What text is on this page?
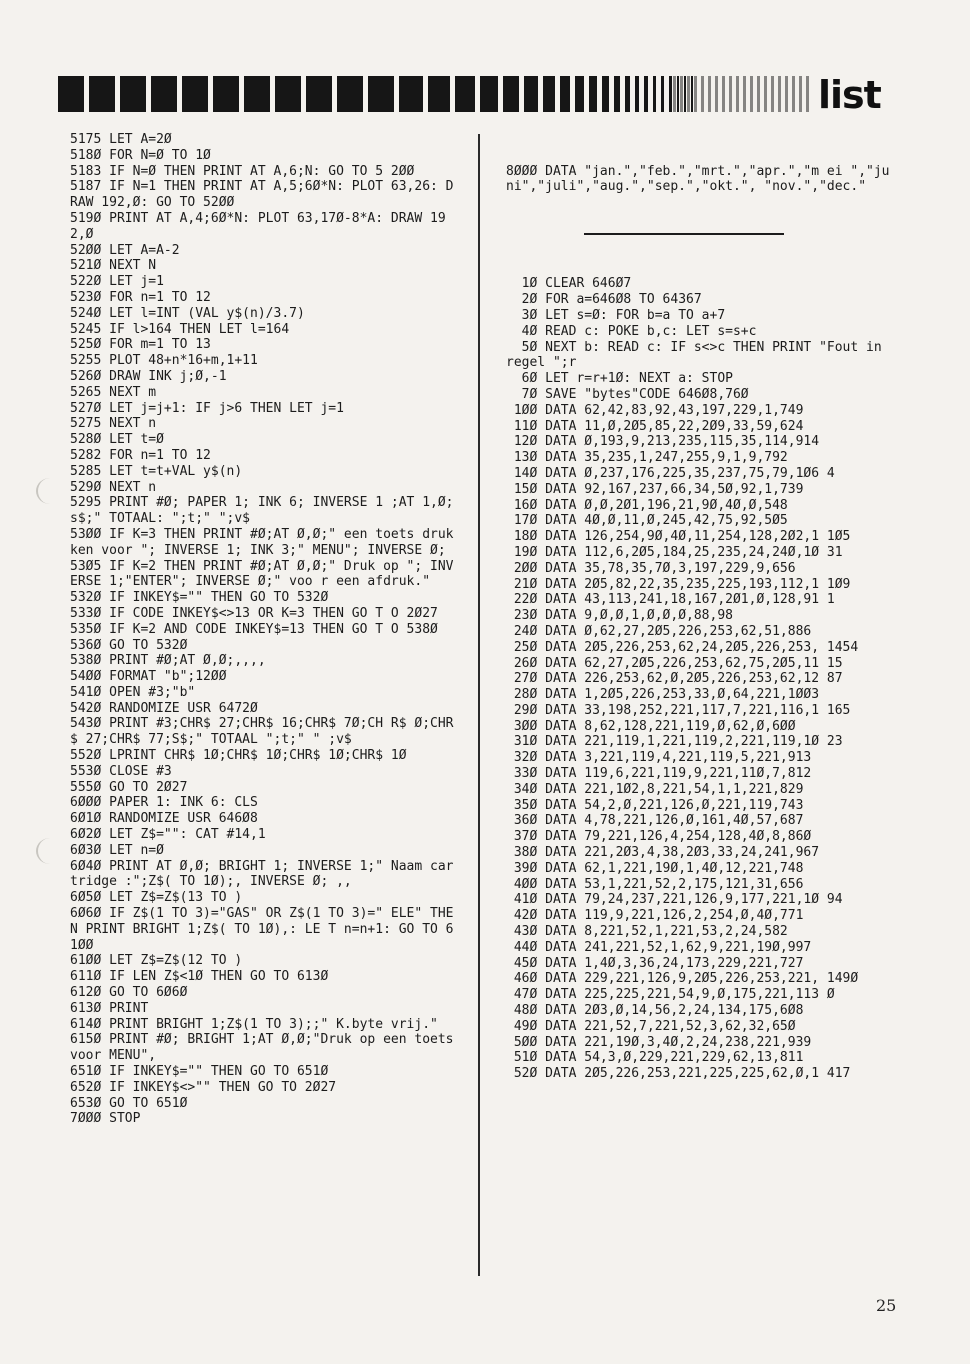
list
5175 LET A=2Ø
518Ø FOR N=Ø TO 1Ø
5183 IF N=Ø THEN PRINT AT A,6;N: GO TO 5 2ØØ
5187 IF N=1 THEN PRINT AT A,5;6Ø*N: PLOT 63,26: DRAW 192,Ø: GO TO 52ØØ
519Ø PRINT AT A,4;6Ø*N: PLOT 63,17Ø-8*A: DRAW 192,Ø
52ØØ LET A=A-2
521Ø NEXT N
522Ø LET j=1
523Ø FOR n=1 TO 12
524Ø LET l=INT (VAL y$(n)/3.7)
5245 IF l>164 THEN LET l=164
525Ø FOR m=1 TO 13
5255 PLOT 48+n*16+m,1+11
526Ø DRAW INK j;Ø,-1
5265 NEXT m
527Ø LET j=j+1: IF j>6 THEN LET j=1
5275 NEXT n
528Ø LET t=Ø
5282 FOR n=1 TO 12
5285 LET t=t+VAL y$(n)
529Ø NEXT n
5295 PRINT #Ø; PAPER 1; INK 6; INVERSE 1 ;AT 1,Ø;s$;" TOTAAL: ";t;" ";v$
53ØØ IF K=3 THEN PRINT #Ø;AT Ø,Ø;" een toets drukken voor "; INVERSE 1; INK 3;" MENU"; INVERSE Ø;
53Ø5 IF K=2 THEN PRINT #Ø;AT Ø,Ø;" Druk op "; INVERSE 1;"ENTER"; INVERSE Ø;" voo r een afdruk."
532Ø IF INKEY$="" THEN GO TO 532Ø
533Ø IF CODE INKEY$<>13 OR K=3 THEN GO T O 2Ø27
535Ø IF K=2 AND CODE INKEY$=13 THEN GO T O 538Ø
536Ø GO TO 532Ø
538Ø PRINT #Ø;AT Ø,Ø;,,,,
54ØØ FORMAT "b";12ØØ
541Ø OPEN #3;"b"
542Ø RANDOMIZE USR 6472Ø
543Ø PRINT #3;CHR$ 27;CHR$ 16;CHR$ 7Ø;CH R$ Ø;CHR$ 27;CHR$ 77;S$;" TOTAAL ";t;" " ;v$
552Ø LPRINT CHR$ 1Ø;CHR$ 1Ø;CHR$ 1Ø;CHR$ 1Ø
553Ø CLOSE #3
555Ø GO TO 2Ø27
6ØØØ PAPER 1: INK 6: CLS
6Ø1Ø RANDOMIZE USR 646Ø8
6Ø2Ø LET Z$="": CAT #14,1
6Ø3Ø LET n=Ø
6Ø4Ø PRINT AT Ø,Ø; BRIGHT 1; INVERSE 1;" Naam cartridge :";Z$( TO 1Ø);, INVERSE Ø; ,,
6Ø5Ø LET Z$=Z$(13 TO )
6Ø6Ø IF Z$(1 TO 3)="GAS" OR Z$(1 TO 3)=" ELE" THEN PRINT BRIGHT 1;Z$( TO 1Ø),: LE T n=n+1: GO TO 61ØØ
61ØØ LET Z$=Z$(12 TO )
611Ø IF LEN Z$<1Ø THEN GO TO 613Ø
612Ø GO TO 6Ø6Ø
613Ø PRINT
614Ø PRINT BRIGHT 1;Z$(1 TO 3);;" K.byte vrij."
615Ø PRINT #Ø; BRIGHT 1;AT Ø,Ø;"Druk op een toets voor MENU",
651Ø IF INKEY$="" THEN GO TO 651Ø
652Ø IF INKEY$<>"" THEN GO TO 2Ø27
653Ø GO TO 651Ø
7ØØØ STOP

8ØØØ DATA "jan.","feb.","mrt.","apr.","m ei ","juni","juli","aug.","sep.","okt.", "nov.","dec."

1Ø CLEAR 646Ø7
2Ø FOR a=646Ø8 TO 64367
3Ø LET s=Ø: FOR b=a TO a+7
4Ø READ c: POKE b,c: LET s=s+c
5Ø NEXT b: READ c: IF s<>c THEN PRINT "Fout in regel ";r
6Ø LET r=r+1Ø: NEXT a: STOP
7Ø SAVE "bytes"CODE 646Ø8,76Ø
1ØØ DATA 62,42,83,92,43,197,229,1,749
11Ø DATA 11,Ø,2Ø5,85,22,2Ø9,33,59,624
12Ø DATA Ø,193,9,213,235,115,35,114,914
13Ø DATA 35,235,1,247,255,9,1,9,792
14Ø DATA Ø,237,176,225,35,237,75,79,1Ø6 4
15Ø DATA 92,167,237,66,34,5Ø,92,1,739
16Ø DATA Ø,Ø,2Ø1,196,21,9Ø,4Ø,Ø,548
17Ø DATA 4Ø,Ø,11,Ø,245,42,75,92,5Ø5
18Ø DATA 126,254,9Ø,4Ø,11,254,128,2Ø2,1 1Ø5
19Ø DATA 112,6,2Ø5,184,25,235,24,24Ø,1Ø 31
2ØØ DATA 35,78,35,7Ø,3,197,229,9,656
21Ø DATA 2Ø5,82,22,35,235,225,193,112,1 1Ø9
22Ø DATA 43,113,241,18,167,2Ø1,Ø,128,91 1
23Ø DATA 9,Ø,Ø,1,Ø,Ø,Ø,88,98
24Ø DATA Ø,62,27,2Ø5,226,253,62,51,886
25Ø DATA 2Ø5,226,253,62,24,2Ø5,226,253, 1454
26Ø DATA 62,27,2Ø5,226,253,62,75,2Ø5,11 15
27Ø DATA 226,253,62,Ø,2Ø5,226,253,62,12 87
28Ø DATA 1,2Ø5,226,253,33,Ø,64,221,1ØØ3
29Ø DATA 33,198,252,221,117,7,221,116,1 165
3ØØ DATA 8,62,128,221,119,Ø,62,Ø,6ØØ
31Ø DATA 221,119,1,221,119,2,221,119,1Ø 23
32Ø DATA 3,221,119,4,221,119,5,221,913
33Ø DATA 119,6,221,119,9,221,11Ø,7,812
34Ø DATA 221,1Ø2,8,221,54,1,1,221,829
35Ø DATA 54,2,Ø,221,126,Ø,221,119,743
36Ø DATA 4,78,221,126,Ø,161,4Ø,57,687
37Ø DATA 79,221,126,4,254,128,4Ø,8,86Ø
38Ø DATA 221,2Ø3,4,38,2Ø3,33,24,241,967
39Ø DATA 62,1,221,19Ø,1,4Ø,12,221,748
4ØØ DATA 53,1,221,52,2,175,121,31,656
41Ø DATA 79,24,237,221,126,9,177,221,1Ø 94
42Ø DATA 119,9,221,126,2,254,Ø,4Ø,771
43Ø DATA 8,221,52,1,221,53,2,24,582
44Ø DATA 241,221,52,1,62,9,221,19Ø,997
45Ø DATA 1,4Ø,3,36,24,173,229,221,727
46Ø DATA 229,221,126,9,2Ø5,226,253,221, 149Ø
47Ø DATA 225,225,221,54,9,Ø,175,221,113 Ø
48Ø DATA 2Ø3,Ø,14,56,2,24,134,175,6Ø8
49Ø DATA 221,52,7,221,52,3,62,32,65Ø
5ØØ DATA 221,19Ø,3,4Ø,2,24,238,221,939
51Ø DATA 54,3,Ø,229,221,229,62,13,811
52Ø DATA 2Ø5,226,253,221,225,225,62,Ø,1 417

25
